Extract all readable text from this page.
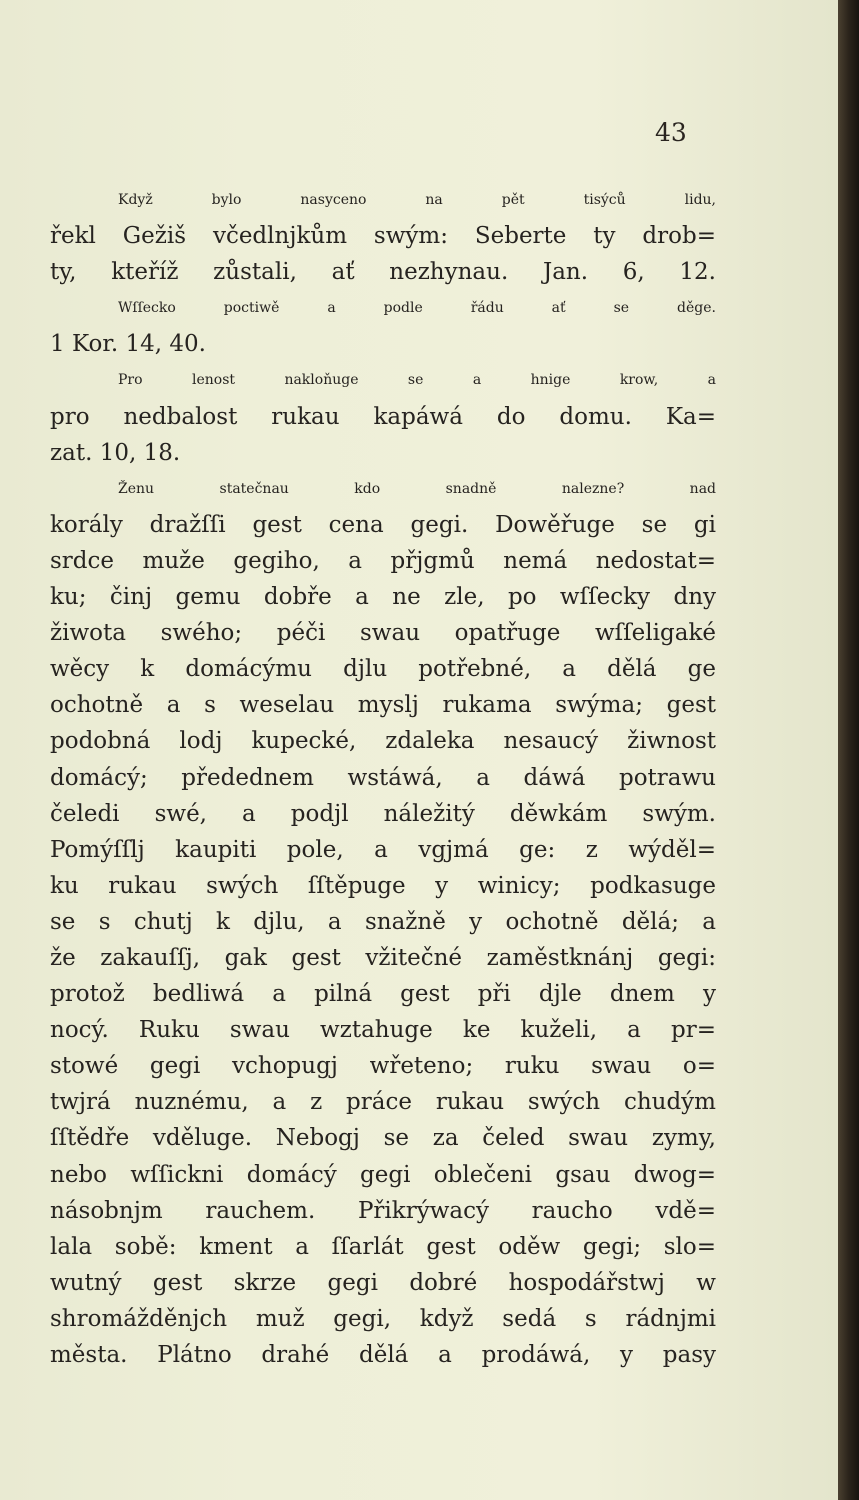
43
Když bylo nasyceno na pět tisýců lidu,
řekl Gežiš včedlnjkům swým: Seberte ty drob=
ty, kteříž zůstali, ať nezhynau. Jan. 6, 12.
Wſſecko poctiwě a podle řádu ať se děge.
1 Kor. 14, 40.
Pro lenost nakloňuge se a hnige krow, a
pro nedbalost rukau kapáwá do domu. Ka=
zat. 10, 18.
Ženu statečnau kdo snadně nalezne? nad
korály dražſſi gest cena gegi. Dowěřuge se gi
srdce muže gegiho, a přjgmů nemá nedostat=
ku; činj gemu dobře a ne zle, po wſſecky dny
žiwota swého; péči swau opatřuge wſſeligaké
wěcy k domácýmu djlu potřebné, a dělá ge
ochotně a s weselau myslj rukama swýma; gest
podobná lodj kupecké, zdaleka nesaucý žiwnost
domácý; předednem wstáwá, a dáwá potrawu
čeledi swé, a podjl náležitý děwkám swým.
Pomýſſlj kaupiti pole, a vgjmá ge: z wýděl=
ku rukau swých ſſtěpuge y winicy; podkasuge
se s chutj k djlu, a snažně y ochotně dělá; a
že zakauſſj, gak gest vžitečné zaměstknánj gegi:
protož bedliwá a pilná gest při djle dnem y
nocý. Ruku swau wztahuge ke kuželi, a pr=
stowé gegi vchopugj wřeteno; ruku swau o=
twjrá nuznému, a z práce rukau swých chudým
ſſtědře vděluge. Nebogj se za čeled swau zymy,
nebo wſſickni domácý gegi oblečeni gsau dwog=
násobnjm rauchem. Přikrýwacý raucho vdě=
lala sobě: kment a ſſarlát gest oděw gegi; slo=
wutný gest skrze gegi dobré hospodářstwj w
shromážděnjch muž gegi, když sedá s rádnjmi
města. Plátno drahé dělá a prodáwá, y pasy
